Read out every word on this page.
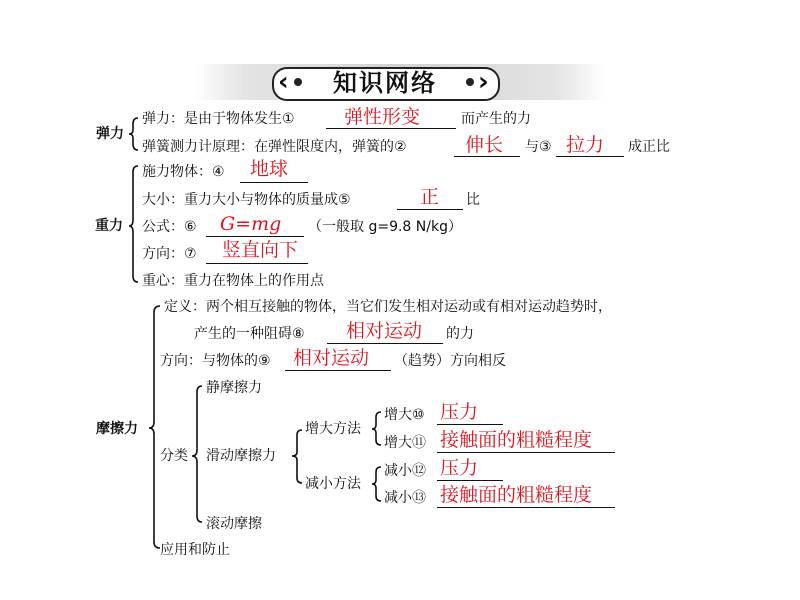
‹	›
知识网络
弹力
弹力：是由于物体发生①	弹性形变	而产生的力
弹簧测力计原理：在弹性限度内，弹簧的②	伸长 与③ 拉力 成正比
重力
施力物体：④ 地球
大小：重力大小与物体的质量成⑤	正 比
公式：⑥ G=mg （一般取 g=9.8 N/kg）
方向：⑦ 竖直向下
重心：重力在物体上的作用点
摩擦力
定义：两个相互接触的物体，当它们发生相对运动或有相对运动趋势时，
产生的一种阻碍⑧ 相对运动 的力
方向：与物体的⑨ 相对运动 （趋势）方向相反
分类
静摩擦力
滑动摩擦力
滚动摩擦
增大方法
减小方法
增大⑩ 压力
增大⑪ 接触面的粗糙程度
减小⑫ 压力
减小⑬ 接触面的粗糙程度
应用和防止
